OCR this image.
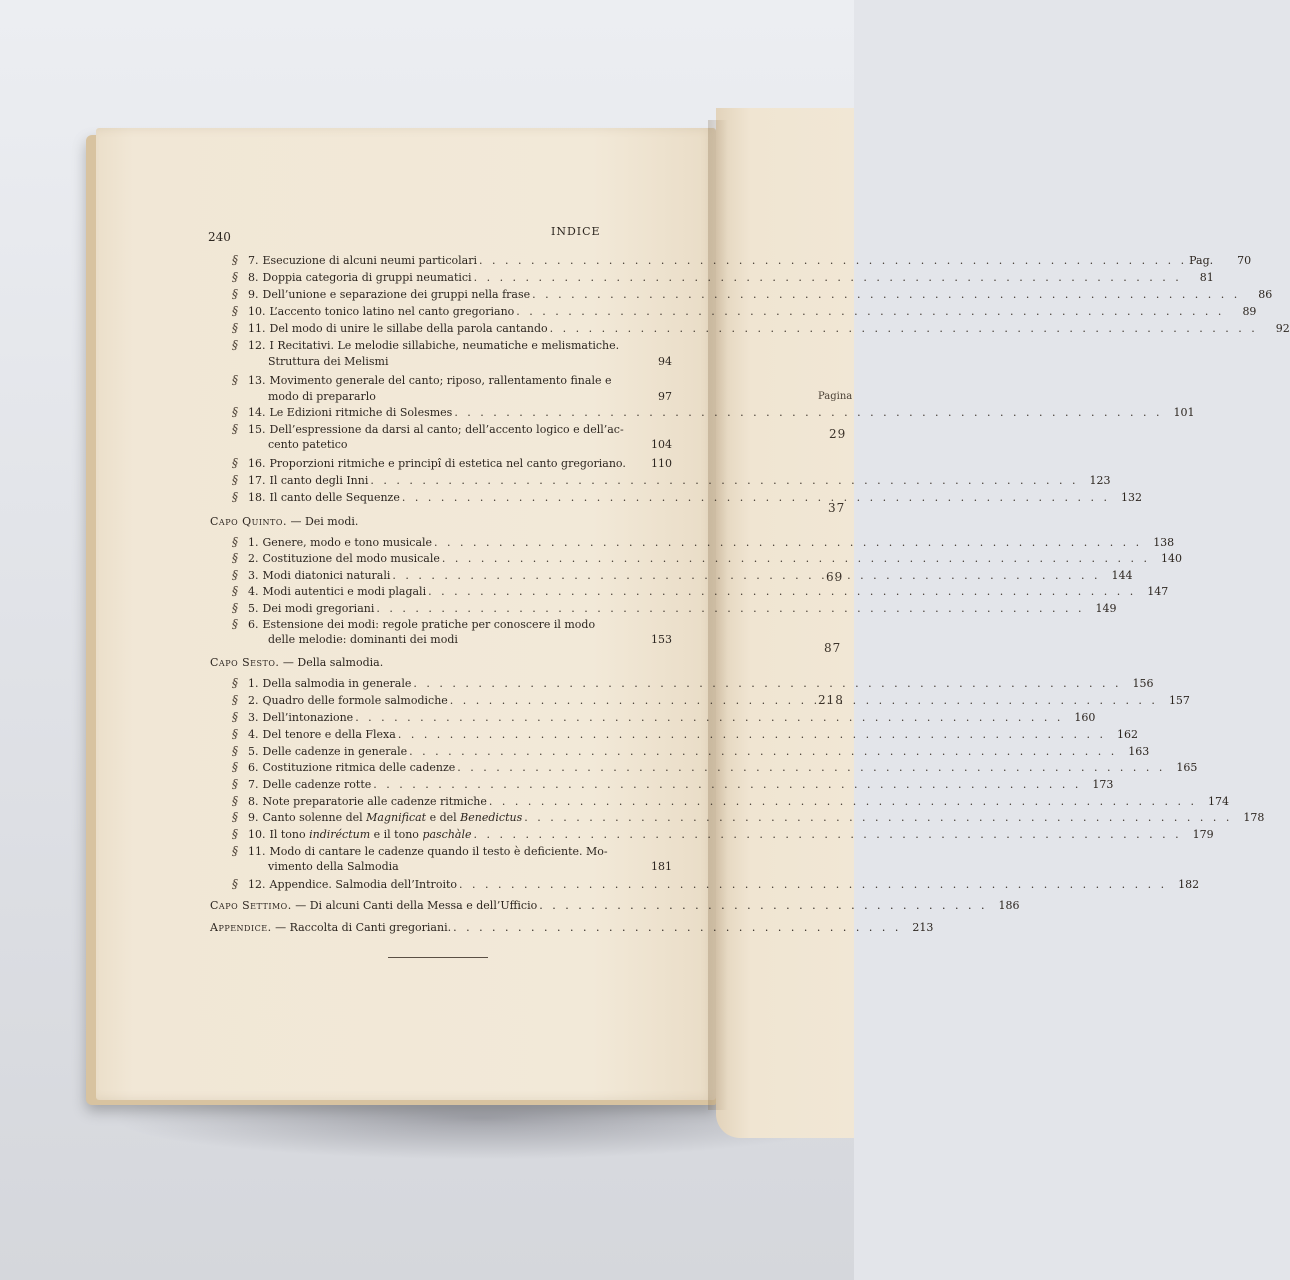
Pagina
29
37
69
87
218
240	INDICE
§ 7. Esecuzione di alcuni neumi particolari . . .	Pag.	70
§ 8. Doppia categoria di gruppi neumatici . . .	81
§ 9. Dell’unione e separazione dei gruppi nella frase . . .	86
§ 10. L’accento tonico latino nel canto gregoriano . . .	89
§ 11. Del modo di unire le sillabe della parola cantando . . .	92
§ 12. I Recitativi. Le melodie sillabiche, neumatiche e melismatiche.
Struttura dei Melismi	94
§ 13. Movimento generale del canto; riposo, rallentamento finale e
modo di prepararlo	97
§ 14. Le Edizioni ritmiche di Solesmes . . .	101
§ 15. Dell’espressione da darsi al canto; dell’accento logico e dell’ac-
cento patetico	104
§ 16. Proporzioni ritmiche e principî di estetica nel canto gregoriano.	110
§ 17. Il canto degli Inni . . .	123
§ 18. Il canto delle Sequenze . . .	132
Capo Quinto.
— Dei modi.
§ 1. Genere, modo e tono musicale . . .	138
§ 2. Costituzione del modo musicale . . .	140
§ 3. Modi diatonici naturali . . .	144
§ 4. Modi autentici e modi plagali . . .	147
§ 5. Dei modi gregoriani . . .	149
§ 6. Estensione dei modi: regole pratiche per conoscere il modo
delle melodie: dominanti dei modi	153
Capo Sesto.
— Della salmodia.
§ 1. Della salmodia in generale . . .	156
§ 2. Quadro delle formole salmodiche . . .	157
§ 3. Dell’intonazione . . .	160
§ 4. Del tenore e della Flexa . . .	162
§ 5. Delle cadenze in generale . . .	163
§ 6. Costituzione ritmica delle cadenze . . .	165
§ 7. Delle cadenze rotte . . .	173
§ 8. Note preparatorie alle cadenze ritmiche . . .	174
§ 9. Canto solenne del Magnificat e del Benedictus . . .	178
§ 10. Il tono indiréctum e il tono paschàle . . .	179
§ 11. Modo di cantare le cadenze quando il testo è deficiente. Mo-
vimento della Salmodia	181
§ 12. Appendice. Salmodia dell’Introito . . .	182
Capo Settimo.
— Di alcuni Canti della Messa e dell’Ufficio . . .	186
Appendice.
— Raccolta di Canti gregoriani. . . .	213
